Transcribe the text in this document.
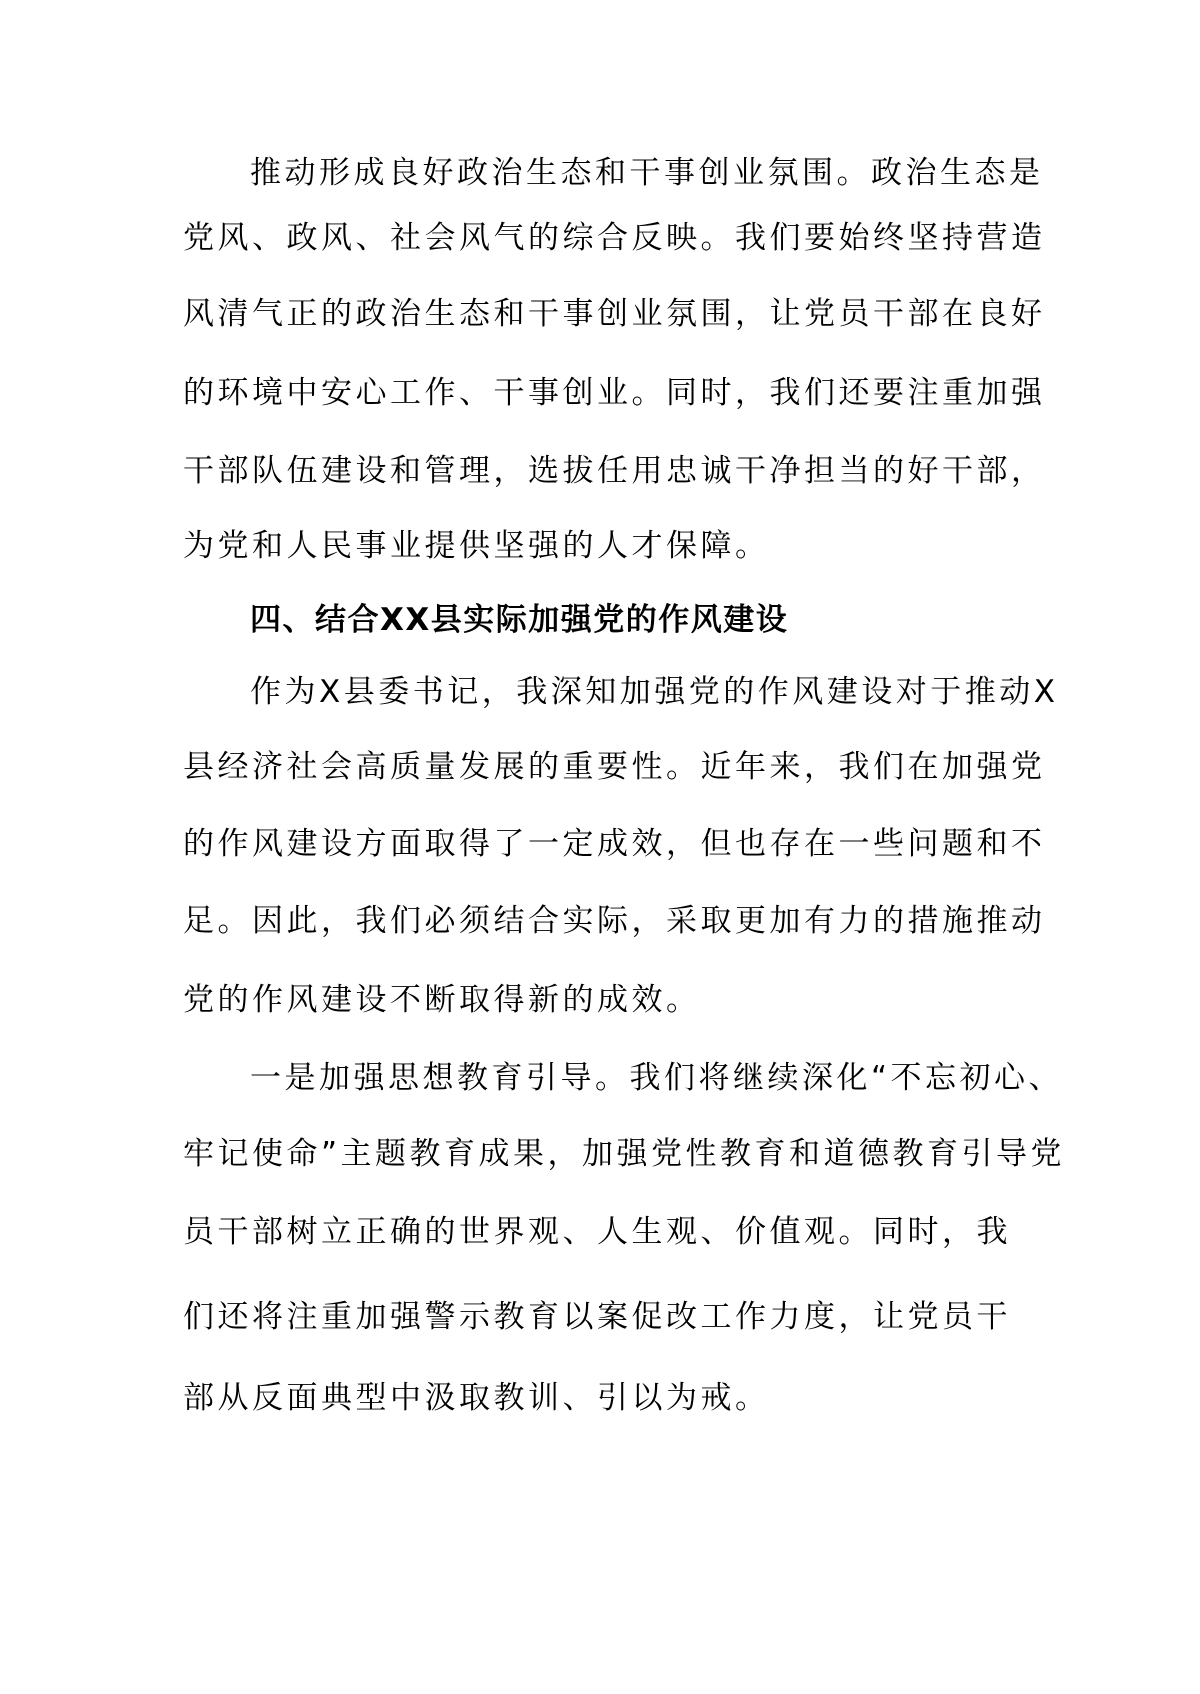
推动形成良好政治生态和干事创业氛围。政治生态是
党风、政风、社会风气的综合反映。我们要始终坚持营造
风清气正的政治生态和干事创业氛围，让党员干部在良好
的环境中安心工作、干事创业。同时，我们还要注重加强
干部队伍建设和管理，选拔任用忠诚干净担当的好干部，
为党和人民事业提供坚强的人才保障。
四、结合XX县实际加强党的作风建设
作为X县委书记，我深知加强党的作风建设对于推动X
县经济社会高质量发展的重要性。近年来，我们在加强党
的作风建设方面取得了一定成效，但也存在一些问题和不
足。因此，我们必须结合实际，采取更加有力的措施推动
党的作风建设不断取得新的成效。
一是加强思想教育引导。我们将继续深化“不忘初心、
牢记使命”主题教育成果，加强党性教育和道德教育引导党
员干部树立正确的世界观、人生观、价值观。同时，我
们还将注重加强警示教育以案促改工作力度，让党员干
部从反面典型中汲取教训、引以为戒。
